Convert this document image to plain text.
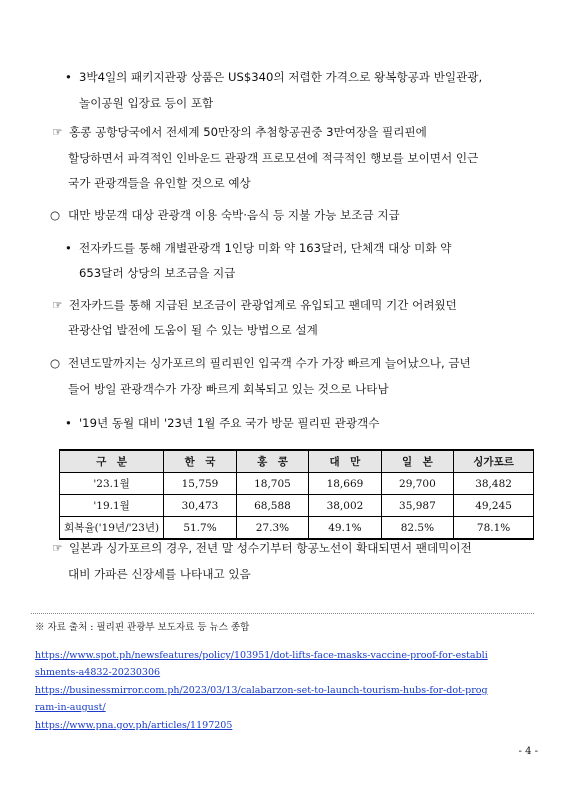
• 3박4일의 패키지관광 상품은 US$340의 저렴한 가격으로 왕복항공과 반일관광,
놀이공원 입장료 등이 포함
☞ 홍콩 공항당국에서 전세계 50만장의 추첨항공권중 3만여장을 필리핀에
할당하면서 파격적인 인바운드 관광객 프로모션에 적극적인 행보를 보이면서 인근
국가 관광객들을 유인할 것으로 예상
○ 대만 방문객 대상 관광객 이용 숙박·음식 등 지불 가능 보조금 지급
• 전자카드를 통해 개별관광객 1인당 미화 약 163달러, 단체객 대상 미화 약
653달러 상당의 보조금을 지급
☞ 전자카드를 통해 지급된 보조금이 관광업계로 유입되고 팬데믹 기간 어려웠던
관광산업 발전에 도움이 될 수 있는 방법으로 설계
○ 전년도말까지는 싱가포르의 필리핀인 입국객 수가 가장 빠르게 늘어났으나, 금년
들어 방일 관광객수가 가장 빠르게 회복되고 있는 것으로 나타남
• '19년 동월 대비 '23년 1월 주요 국가 방문 필리핀 관광객수
구　분	한　국	홍　콩	대　만	일　본	싱가포르
'23.1월	15,759	18,705	18,669	29,700	38,482
'19.1월	30,473	68,588	38,002	35,987	49,245
회복율('19년/'23년)	51.7%	27.3%	49.1%	82.5%	78.1%
☞ 일본과 싱가포르의 경우, 전년 말 성수기부터 항공노선이 확대되면서 팬데믹이전
대비 가파른 신장세를 나타내고 있음
※ 자료 출처 : 필리핀 관광부 보도자료 등 뉴스 종합
https://www.spot.ph/newsfeatures/policy/103951/dot-lifts-face-masks-vaccine-proof-for-establi
shments-a4832-20230306
https://businessmirror.com.ph/2023/03/13/calabarzon-set-to-launch-tourism-hubs-for-dot-prog
ram-in-august/
https://www.pna.gov.ph/articles/1197205
- 4 -
